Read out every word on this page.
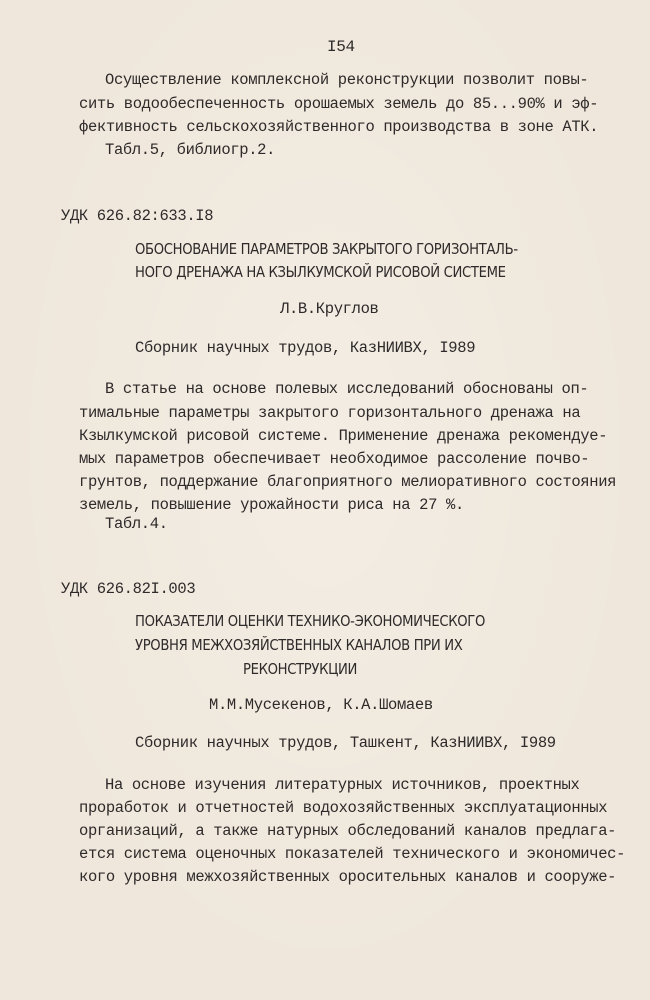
I54
Осуществление комплексной реконструкции позволит повы-
сить водообеспеченность орошаемых земель до 85...90% и эф-
фективность сельскохозяйственного производства в зоне АТК.
Табл.5, библиогр.2.
УДК 626.82:633.I8
ОБОСНОВАНИЕ ПАРАМЕТРОВ ЗАКРЫТОГО ГОРИЗОНТАЛЬ-
НОГО ДРЕНАЖА НА КЗЫЛКУМСКОЙ РИСОВОЙ СИСТЕМЕ
Л.В.Круглов
Сборник научных трудов, КазНИИВХ, I989
В статье на основе полевых исследований обоснованы оп-
тимальные параметры закрытого горизонтального дренажа на
Кзылкумской рисовой системе. Применение дренажа рекомендуе-
мых параметров обеспечивает необходимое рассоление почво-
грунтов, поддержание благоприятного мелиоративного состояния
земель, повышение урожайности риса на 27 %.
Табл.4.
УДК 626.82I.003
ПОКАЗАТЕЛИ ОЦЕНКИ ТЕХНИКО-ЭКОНОМИЧЕСКОГО
УРОВНЯ МЕЖХОЗЯЙСТВЕННЫХ КАНАЛОВ ПРИ ИХ
РЕКОНСТРУКЦИИ
М.М.Мусекенов, К.А.Шомаев
Сборник научных трудов, Ташкент, КазНИИВХ, I989
На основе изучения литературных источников, проектных
проработок и отчетностей водохозяйственных эксплуатационных
организаций, а также натурных обследований каналов предлага-
ется система оценочных показателей технического и экономичес-
кого уровня межхозяйственных оросительных каналов и сооруже-
